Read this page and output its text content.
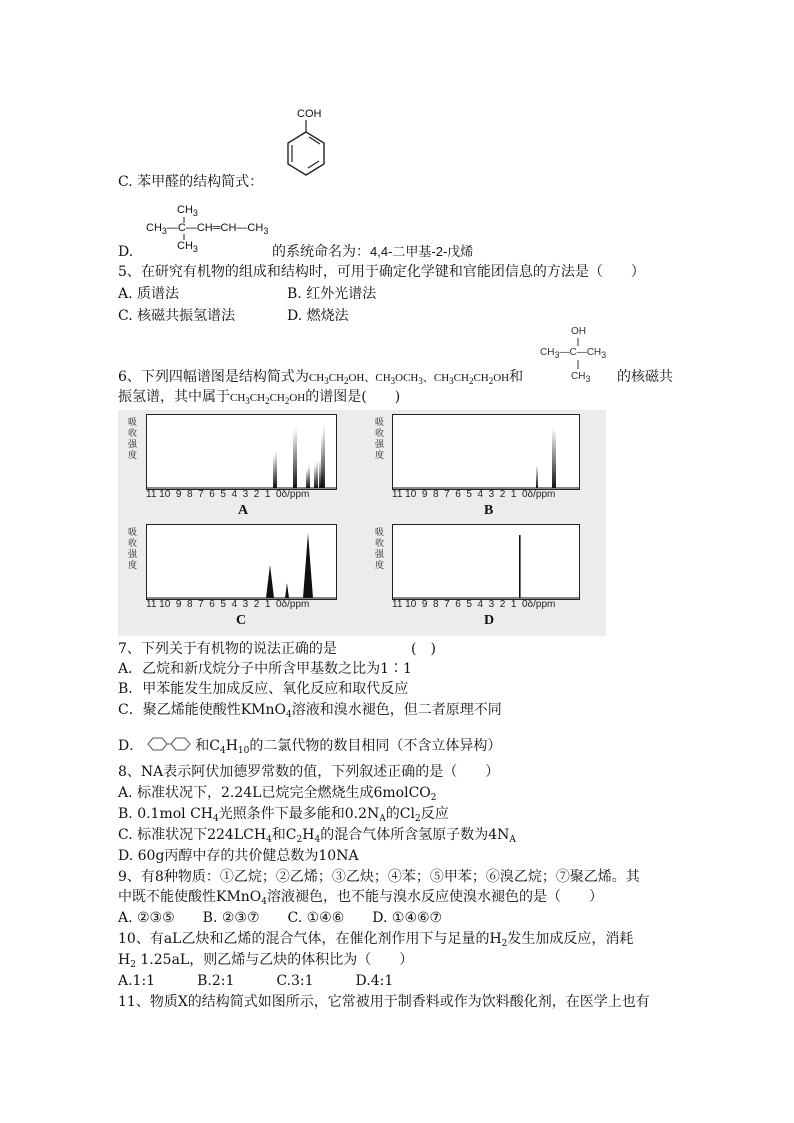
COH
C. 苯甲醛的结构简式：
$CH_3$
$CH_3—C—CH═CH—CH_3$
$CH_3$
D.	的系统命名为：4,4-二甲基-2-戊烯
5、在研究有机物的组成和结构时，可用于确定化学键和官能团信息的方法是（　　）
A. 质谱法	B. 红外光谱法
C. 核磁共振氢谱法	D. 燃烧法
OH
$CH_3—C—CH_3$
$CH_3$
6、下列四幅谱图是结构简式为$CH_3CH_2OH$、$CH_3OCH_3$、$CH_3CH_2CH_2OH$和	的核磁共
振氢谱，其中属于$CH_3CH_2CH_2OH$的谱图是(　　)
吸收强度
11 10 9 8 7 6 5 4 3 2 1 0δ/ppm
A
吸收强度
11 10 9 8 7 6 5 4 3 2 1 0δ/ppm
B
吸收强度
11 10 9 8 7 6 5 4 3 2 1 0δ/ppm
C
吸收强度
11 10 9 8 7 6 5 4 3 2 1 0δ/ppm
D
7、下列关于有机物的说法正确的是	(　)
A．乙烷和新戊烷分子中所含甲基数之比为1∶1
B．甲苯能发生加成反应、氧化反应和取代反应
C．聚乙烯能使酸性KMnO$_4$溶液和溴水褪色，但二者原理不同
D．	和$C_4H_{10}$的二氯代物的数目相同（不含立体异构）
8、NA表示阿伏加德罗常数的值，下列叙述正确的是（　　）
A. 标准状况下，2.24L已烷完全燃烧生成6molCO$_2$
B. 0.1mol $CH_4$光照条件下最多能和$0.2N_A$的$Cl_2$反应
C. 标准状况下$224LCH_4$和$C_2H_4$的混合气体所含氢原子数为$4N_A$
D. 60g丙醇中存的共价健总数为10NA
9、有8种物质：①乙烷；②乙烯；③乙炔；④苯；⑤甲苯；⑥溴乙烷；⑦聚乙烯。其
中既不能使酸性KMnO$_4$溶液褪色，也不能与溴水反应使溴水褪色的是（　　）
A. ②③⑤　　B. ②③⑦　　C. ①④⑥　　D. ①④⑥⑦
10、有aL乙炔和乙烯的混合气体，在催化剂作用下与足量的$H_2$发生加成反应，消耗
$H_2$ 1.25aL，则乙烯与乙炔的体积比为（　　）
A.1:1　　　B.2:1　　　C.3:1　　　D.4:1
11、物质X的结构简式如图所示，它常被用于制香料或作为饮料酸化剂，在医学上也有
